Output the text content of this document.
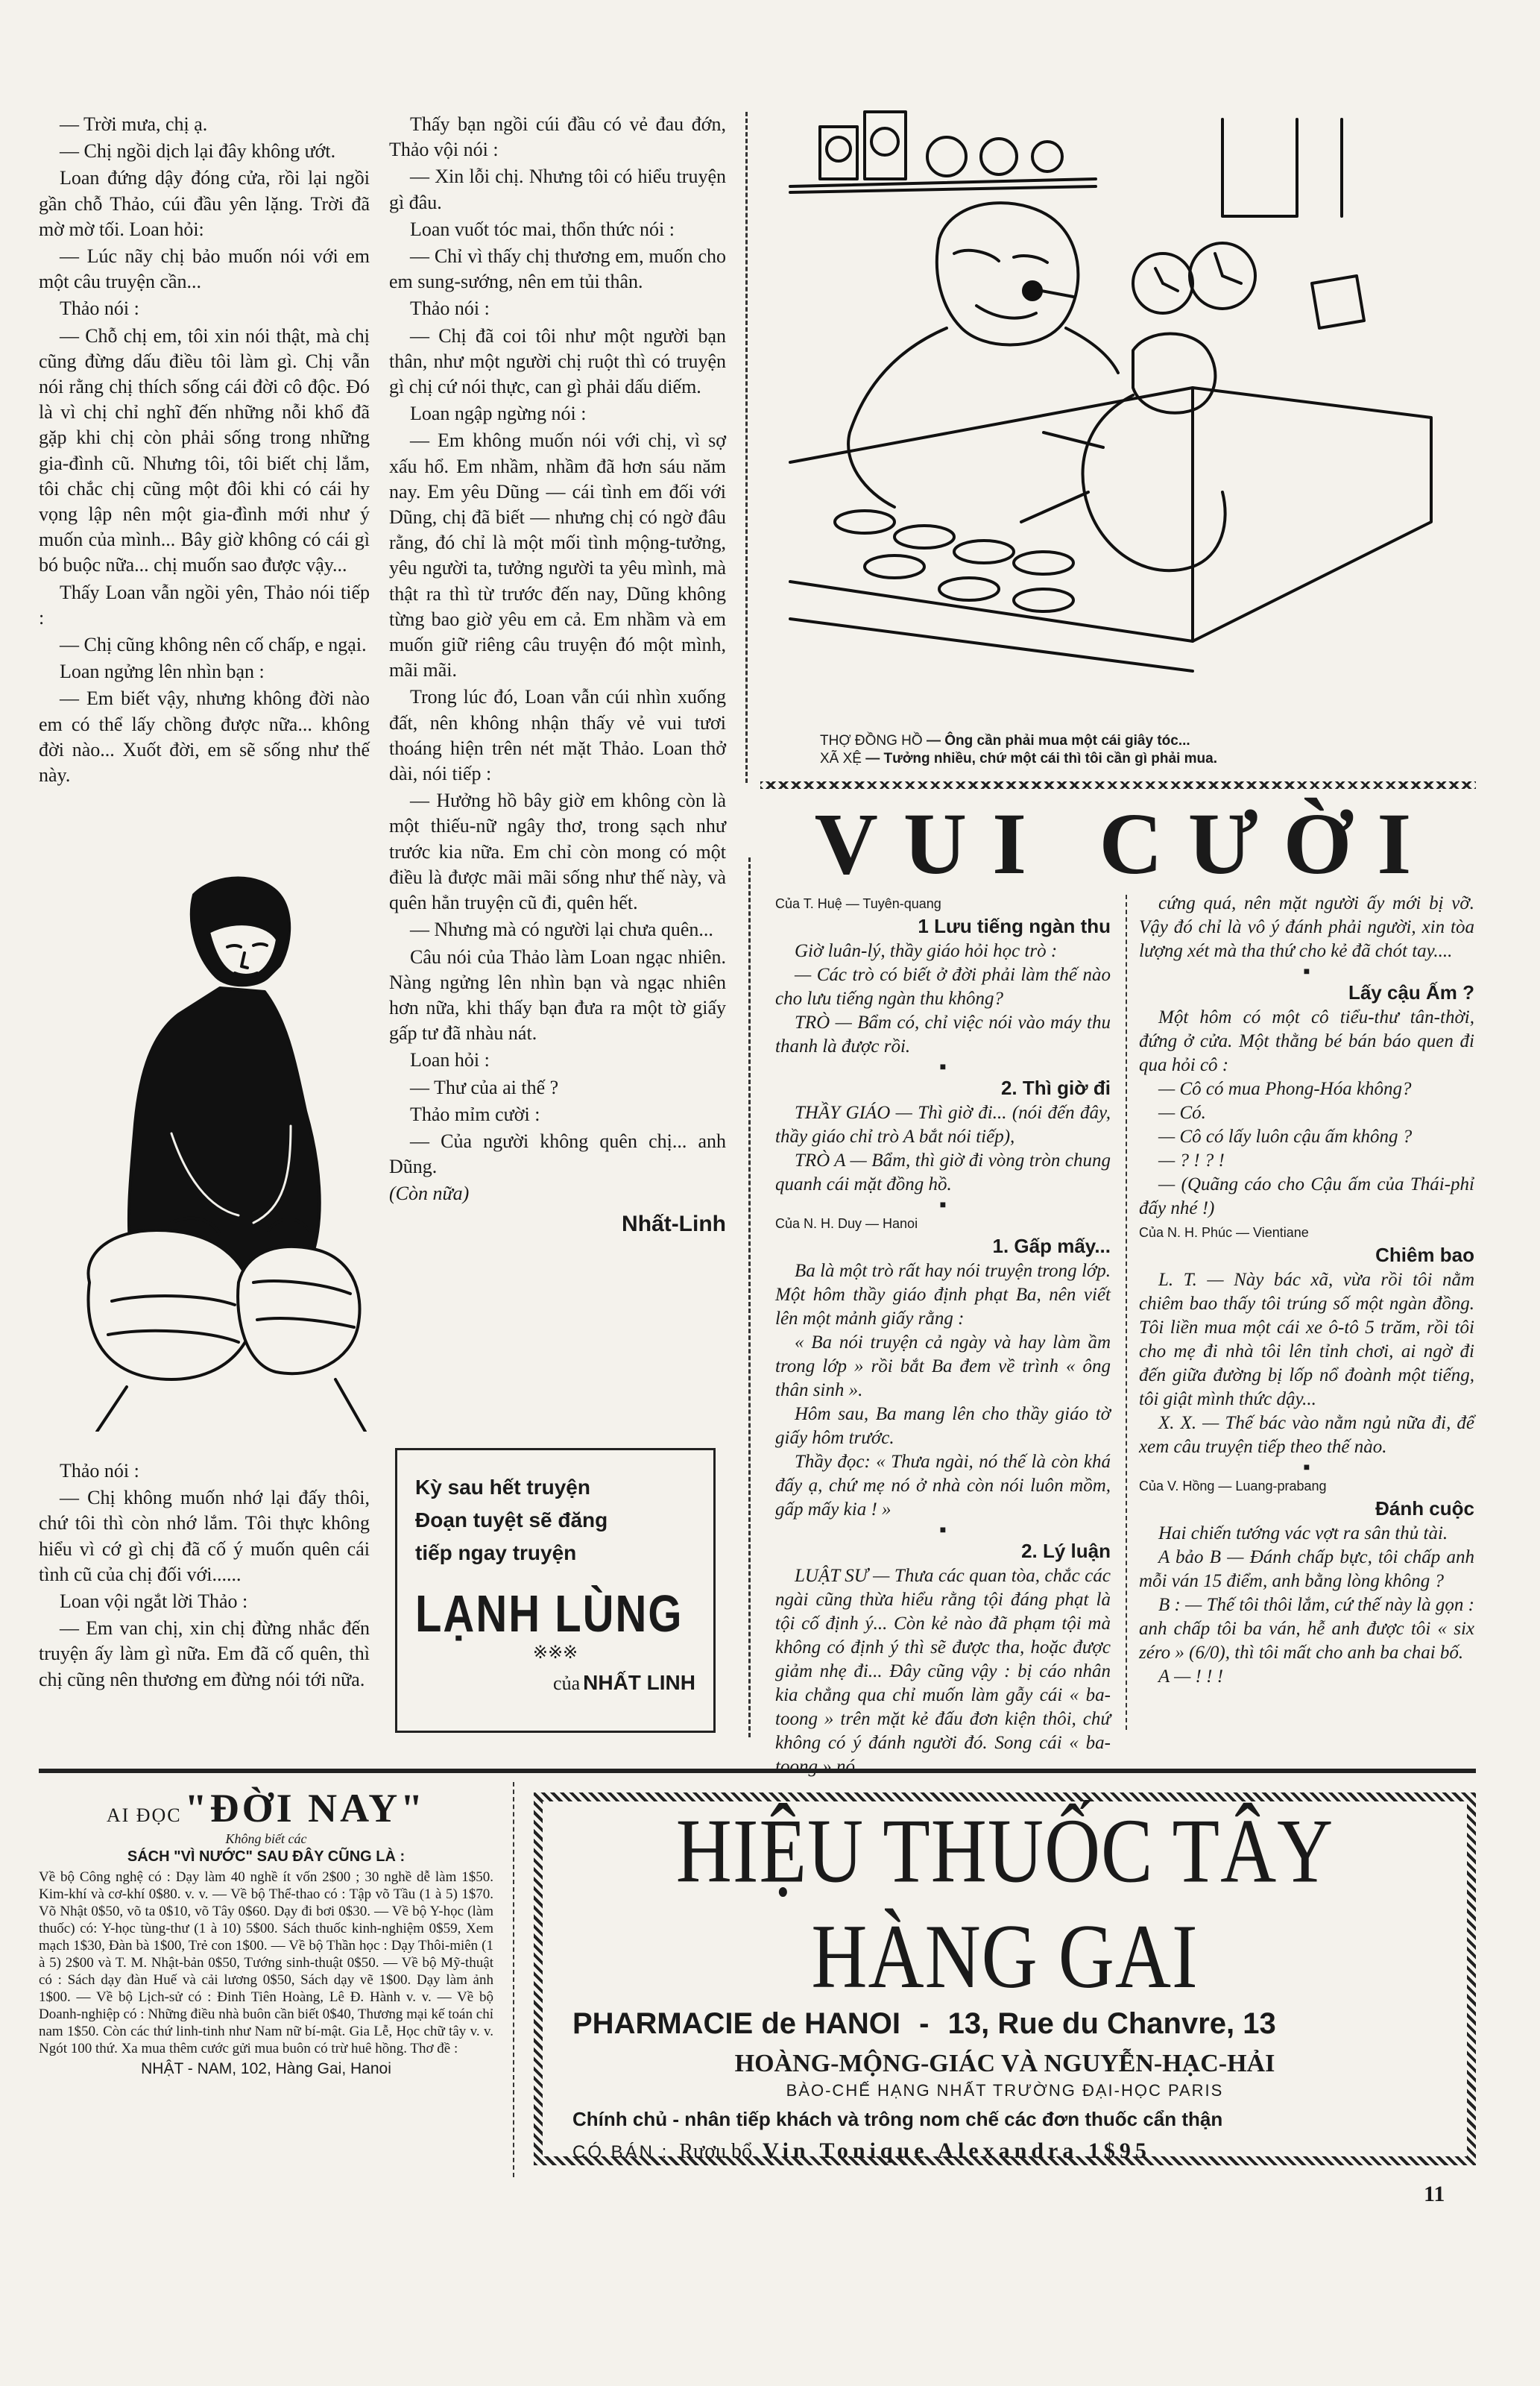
— Trời mưa, chị ạ.

— Chị ngồi dịch lại đây không ướt.

Loan đứng dậy đóng cửa, rồi lại ngồi gần chỗ Thảo, cúi đầu yên lặng. Trời đã mờ mờ tối. Loan hỏi:

— Lúc nãy chị bảo muốn nói với em một câu truyện cần...

Thảo nói :

— Chỗ chị em, tôi xin nói thật, mà chị cũng đừng dấu điều tôi làm gì. Chị vẫn nói rằng chị thích sống cái đời cô độc. Đó là vì chị chỉ nghĩ đến những nỗi khổ đã gặp khi chị còn phải sống trong những gia-đình cũ. Nhưng tôi, tôi biết chị lắm, tôi chắc chị cũng một đôi khi có cái hy vọng lập nên một gia-đình mới như ý muốn của mình... Bây giờ không có cái gì bó buộc nữa... chị muốn sao được vậy...

Thấy Loan vẫn ngồi yên, Thảo nói tiếp :

— Chị cũng không nên cố chấp, e ngại.

Loan ngửng lên nhìn bạn :

— Em biết vậy, nhưng không đời nào em có thể lấy chồng được nữa... không đời nào... Xuốt đời, em sẽ sống như thế này.

Thảo nói :

— Chị không muốn nhớ lại đấy thôi, chứ tôi thì còn nhớ lắm. Tôi thực không hiểu vì cớ gì chị đã cố ý muốn quên cái tình cũ của chị đối với......

Loan vội ngắt lời Thảo :

— Em van chị, xin chị đừng nhắc đến truyện ấy làm gì nữa. Em đã cố quên, thì chị cũng nên thương em đừng nói tới nữa.

Thấy bạn ngồi cúi đầu có vẻ đau đớn, Thảo vội nói :

— Xin lỗi chị. Nhưng tôi có hiểu truyện gì đâu.

Loan vuốt tóc mai, thổn thức nói :

— Chỉ vì thấy chị thương em, muốn cho em sung-sướng, nên em tủi thân.

Thảo nói :

— Chị đã coi tôi như một người bạn thân, như một người chị ruột thì có truyện gì chị cứ nói thực, can gì phải dấu diếm.

Loan ngập ngừng nói :

— Em không muốn nói với chị, vì sợ xấu hổ. Em nhầm, nhầm đã hơn sáu năm nay. Em yêu Dũng — cái tình em đối với Dũng, chị đã biết — nhưng chị có ngờ đâu rằng, đó chỉ là một mối tình mộng-tưởng, yêu người ta, tưởng người ta yêu mình, mà thật ra thì từ trước đến nay, Dũng không từng bao giờ yêu em cả. Em nhầm và em muốn giữ riêng câu truyện đó một mình, mãi mãi.

Trong lúc đó, Loan vẫn cúi nhìn xuống đất, nên không nhận thấy vẻ vui tươi thoáng hiện trên nét mặt Thảo. Loan thở dài, nói tiếp :

— Hưởng hồ bây giờ em không còn là một thiếu-nữ ngây thơ, trong sạch như trước kia nữa. Em chỉ còn mong có một điều là được mãi mãi sống như thế này, và quên hẳn truyện cũ đi, quên hết.

— Nhưng mà có người lại chưa quên...

Câu nói của Thảo làm Loan ngạc nhiên. Nàng ngửng lên nhìn bạn và ngạc nhiên hơn nữa, khi thấy bạn đưa ra một tờ giấy gấp tư đã nhàu nát.

Loan hỏi :

— Thư của ai thế ?

Thảo mỉm cười :

— Của người không quên chị... anh Dũng.

(Còn nữa)

Nhất-Linh
Kỳ sau hết truyện
Đoạn tuyệt sẽ đăng
tiếp ngay truyện
LẠNH LÙNG
※※※
của NHẤT LINH
THỢ ĐỒNG HỒ — Ông cần phải mua một cái giây tóc...
XÃ XỆ — Tưởng nhiều, chứ một cái thì tôi cần gì phải mua.
VUI CƯỜI
Của T. Huệ — Tuyên-quang
1 Lưu tiếng ngàn thu

Giờ luân-lý, thầy giáo hỏi học trò :

— Các trò có biết ở đời phải làm thế nào cho lưu tiếng ngàn thu không?

TRÒ — Bẩm có, chỉ việc nói vào máy thu thanh là được rồi.

■
2. Thì giờ đi

THẦY GIÁO — Thì giờ đi... (nói đến đây, thầy giáo chỉ trò A bắt nói tiếp),

TRÒ A — Bẩm, thì giờ đi vòng tròn chung quanh cái mặt đồng hồ.

■
Của N. H. Duy — Hanoi
1. Gấp mấy...

Ba là một trò rất hay nói truyện trong lớp. Một hôm thầy giáo định phạt Ba, nên viết lên một mảnh giấy rằng :

« Ba nói truyện cả ngày và hay làm ầm trong lớp » rồi bắt Ba đem về trình « ông thân sinh ».

Hôm sau, Ba mang lên cho thầy giáo tờ giấy hôm trước.

Thầy đọc: « Thưa ngài, nó thế là còn khá đấy ạ, chứ mẹ nó ở nhà còn nói luôn mồm, gấp mấy kia ! »

■
2. Lý luận

LUẬT SƯ — Thưa các quan tòa, chắc các ngài cũng thừa hiểu rằng tội đáng phạt là tội cố định ý... Còn kẻ nào đã phạm tội mà không có định ý thì sẽ được tha, hoặc được giảm nhẹ đi... Đây cũng vậy : bị cáo nhân kia chẳng qua chỉ muốn làm gẫy cái « ba-toong » trên mặt kẻ đấu đơn kiện thôi, chứ không có ý đánh người đó. Song cái « ba-toong » nó

cứng quá, nên mặt người ấy mới bị vỡ. Vậy đó chỉ là vô ý đánh phải người, xin tòa lượng xét mà tha thứ cho kẻ đã chót tay....

■
Lấy cậu Ấm ?

Một hôm có một cô tiểu-thư tân-thời, đứng ở cửa. Một thằng bé bán báo quen đi qua hỏi cô :

— Cô có mua Phong-Hóa không?

— Có.

— Cô có lấy luôn cậu ấm không ?

— ? ! ? !

— (Quãng cáo cho Cậu ấm của Thái-phỉ đấy nhé !)

Của N. H. Phúc — Vientiane
Chiêm bao

L. T. — Này bác xã, vừa rồi tôi nằm chiêm bao thấy tôi trúng số một ngàn đồng. Tôi liền mua một cái xe ô-tô 5 trăm, rồi tôi cho mẹ đi nhà tôi lên tỉnh chơi, ai ngờ đi đến giữa đường bị lốp nổ đoành một tiếng, tôi giật mình thức dậy...

X. X. — Thế bác vào nằm ngủ nữa đi, để xem câu truyện tiếp theo thế nào.

■
Của V. Hồng — Luang-prabang
Đánh cuộc

Hai chiến tướng vác vợt ra sân thủ tài.

A bảo B — Đánh chấp bực, tôi chấp anh mỗi ván 15 điểm, anh bằng lòng không ?

B : — Thế tôi thôi lắm, cứ thế này là gọn : anh chấp tôi ba ván, hễ anh được tôi « six zéro » (6/0), thì tôi mất cho anh ba chai bố.

A — ! ! !

AI ĐỌC "ĐỜI NAY"
Không biết các
SÁCH "VÌ NƯỚC" SAU ĐÂY CŨNG LÀ :

Về bộ Công nghệ có : Dạy làm 40 nghề ít vốn 2$00 ; 30 nghề dễ làm 1$50. Kim-khí và cơ-khí 0$80. v. v. — Về bộ Thể-thao có : Tập võ Tầu (1 à 5) 1$70. Võ Nhật 0$50, võ ta 0$10, võ Tây 0$60. Dạy đi bơi 0$30. — Về bộ Y-học (làm thuốc) có: Y-học tùng-thư (1 à 10) 5$00. Sách thuốc kinh-nghiệm 0$59, Xem mạch 1$30, Đàn bà 1$00, Trẻ con 1$00. — Về bộ Thần học : Dạy Thôi-miên (1 à 5) 2$00 và T. M. Nhật-bản 0$50, Tướng sinh-thuật 0$50. — Về bộ Mỹ-thuật có : Sách dạy đàn Huế và cải lương 0$50, Sách dạy vẽ 1$00. Dạy làm ảnh 1$00. — Về bộ Lịch-sử có : Đinh Tiên Hoàng, Lê Đ. Hành v. v. — Về bộ Doanh-nghiệp có : Những điều nhà buôn cần biết 0$40, Thương mại kế toán chỉ nam 1$50. Còn các thứ linh-tinh như Nam nữ bí-mật. Gia Lễ, Học chữ tây v. v. Ngót 100 thứ. Xa mua thêm cước gửi mua buôn có trừ huê hồng. Thơ đề :

NHẬT - NAM, 102, Hàng Gai, Hanoi
HIỆU THUỐC TÂY HÀNG GAI
PHARMACIE de HANOI - 13, Rue du Chanvre, 13
HOÀNG-MỘNG-GIÁC VÀ NGUYỄN-HẠC-HẢI
BÀO-CHẾ HẠNG NHẤT TRƯỜNG ĐẠI-HỌC PARIS
Chính chủ - nhân tiếp khách và trông nom chế các đơn thuốc cẩn thận
CÓ BÁN : Rượu bổ Vin Tonique Alexandra 1$95
11
